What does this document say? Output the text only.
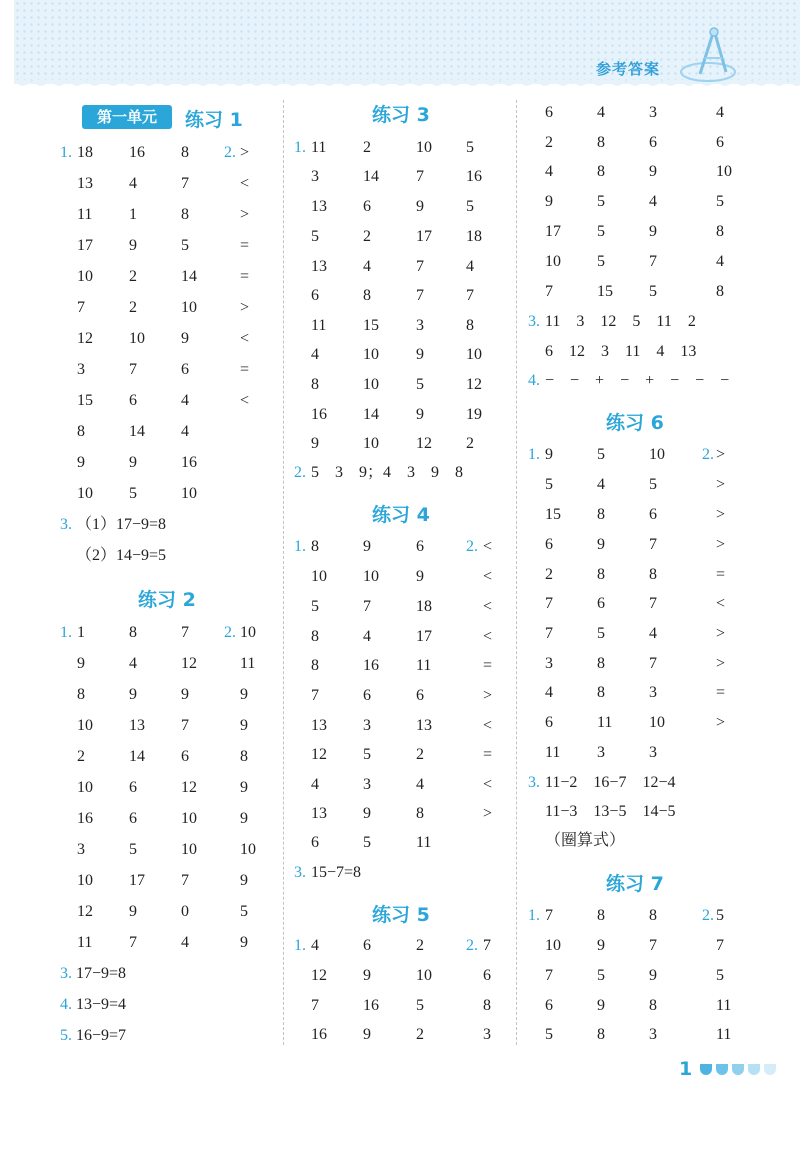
参考答案
第一单元	练习 1
1. 18 16 8 2. >
13 4	7	<
11 1	8	>
17 9	5	=
10 2	14	=
7	2	10	>
12 10 9	<
3	7	6	=
15 6	4	<
8	14 4
9	9	16
10 5	10
3. （1）17−9=8
（2）14−9=5
练习 2
1. 1	8	7 2. 10
9	4	12	11
8	9	9	9
10 13 7	9
2	14 6	8
10 6	12	9
16 6	10	9
3	5	10	10
10 17 7	9
12 9	0	5
11 7	4	9
3. 17−9=8
4. 13−9=4
5. 16−9=7
练习 3
1. 11 2	10 5
3	14 7	16
13 6	9	5
5	2	17 18
13 4	7	4
6	8	7	7
11 15 3	8
4	10 9	10
8	10 5	12
16 14 9	19
9	10 12 2
2. 5　3　9；4　3　9　8
练习 4
1. 8	9	6	2. <
10 10 9	<
5	7	18	<
8	4	17	<
8	16 11	=
7	6	6	>
13 3	13	<
12 5	2	=
4	3	4	<
13 9	8	>
6	5	11
3. 15−7=8
练习 5
1. 4	6	2	2. 7
12 9	10	6
7	16 5	8
16 9	2	3
6	4	3	4
2	8	6	6
4	8	9	10
9	5	4	5
17 5	9	8
10 5	7	4
7	15 5	8
3. 11　3　12　5　11　2
6　12　3　11　4　13
4. −　−　+　−　+　−　−　−
练习 6
1. 9	5	10 2. >
5	4	5	>
15 8	6	>
6	9	7	>
2	8	8	=
7	6	7	<
7	5	4	>
3	8	7	>
4	8	3	=
6	11 10	>
11 3	3
3. 11−2　16−7　12−4
11−3　13−5　14−5
（圈算式）
练习 7
1. 7	8	8	2. 5
10 9	7	7
7	5	9	5
6	9	8	11
5	8	3	11
1
